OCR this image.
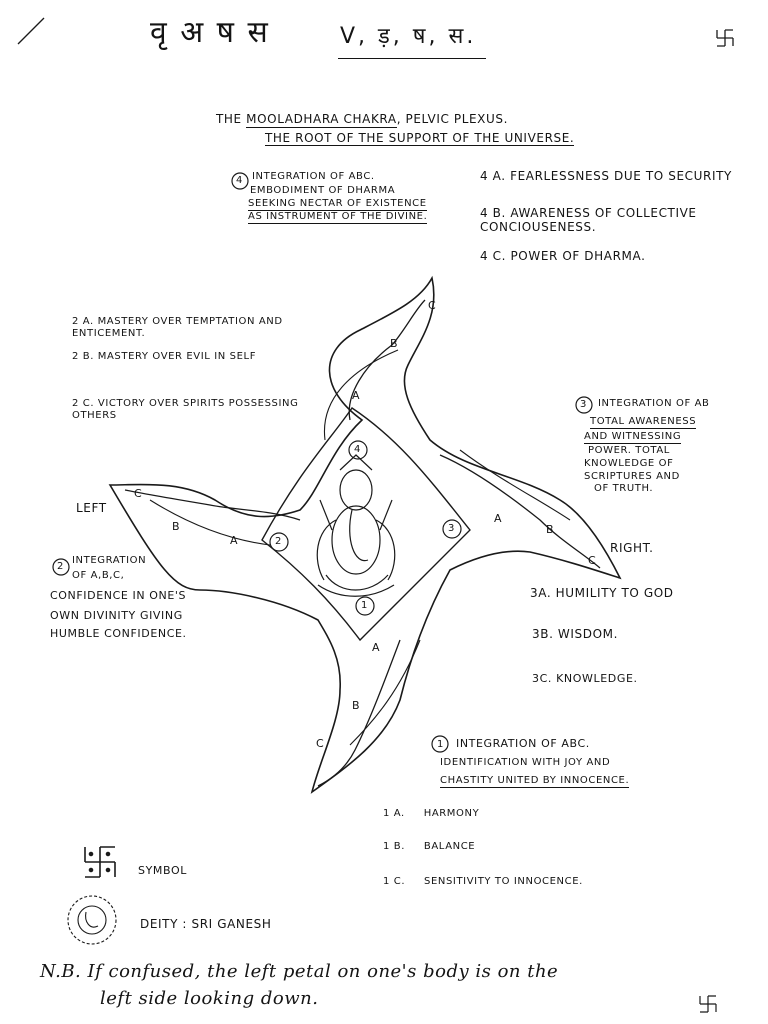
वृ अ ष स	V, ड़, ष, स.
THE MOOLADHARA CHAKRA, PELVIC PLEXUS.
THE ROOT OF THE SUPPORT OF THE UNIVERSE.
4 INTEGRATION OF ABC.
EMBODIMENT OF DHARMA
SEEKING NECTAR OF EXISTENCE
AS INSTRUMENT OF THE DIVINE.
4 A. FEARLESSNESS DUE TO SECURITY
4 B. AWARENESS OF COLLECTIVE CONCIOUSENESS.
4 C. POWER OF DHARMA.
2 A. MASTERY OVER TEMPTATION AND ENTICEMENT.
2 B. MASTERY OVER EVIL IN SELF
2 C. VICTORY OVER SPIRITS POSSESSING OTHERS
2
INTEGRATION
OF A,B,C,
CONFIDENCE IN ONE'S
OWN DIVINITY GIVING
HUMBLE CONFIDENCE.
3 INTEGRATION OF AB
TOTAL AWARENESS
AND WITNESSING
POWER. TOTAL
KNOWLEDGE OF
SCRIPTURES AND
OF TRUTH.
3A. HUMILITY TO GOD
3B. WISDOM.
3C. KNOWLEDGE.
1 INTEGRATION OF ABC.
IDENTIFICATION WITH JOY AND
CHASTITY UNITED BY INNOCENCE.
1 A. HARMONY
1 B. BALANCE
1 C. SENSITIVITY TO INNOCENCE.
LEFT
RIGHT.
C
B
A
A
B
C
C
B
A
A
B
C
4
2
3
1
SYMBOL
DEITY : SRI GANESH
N.B. If confused, the left petal on one's body is on the
left side looking down.
